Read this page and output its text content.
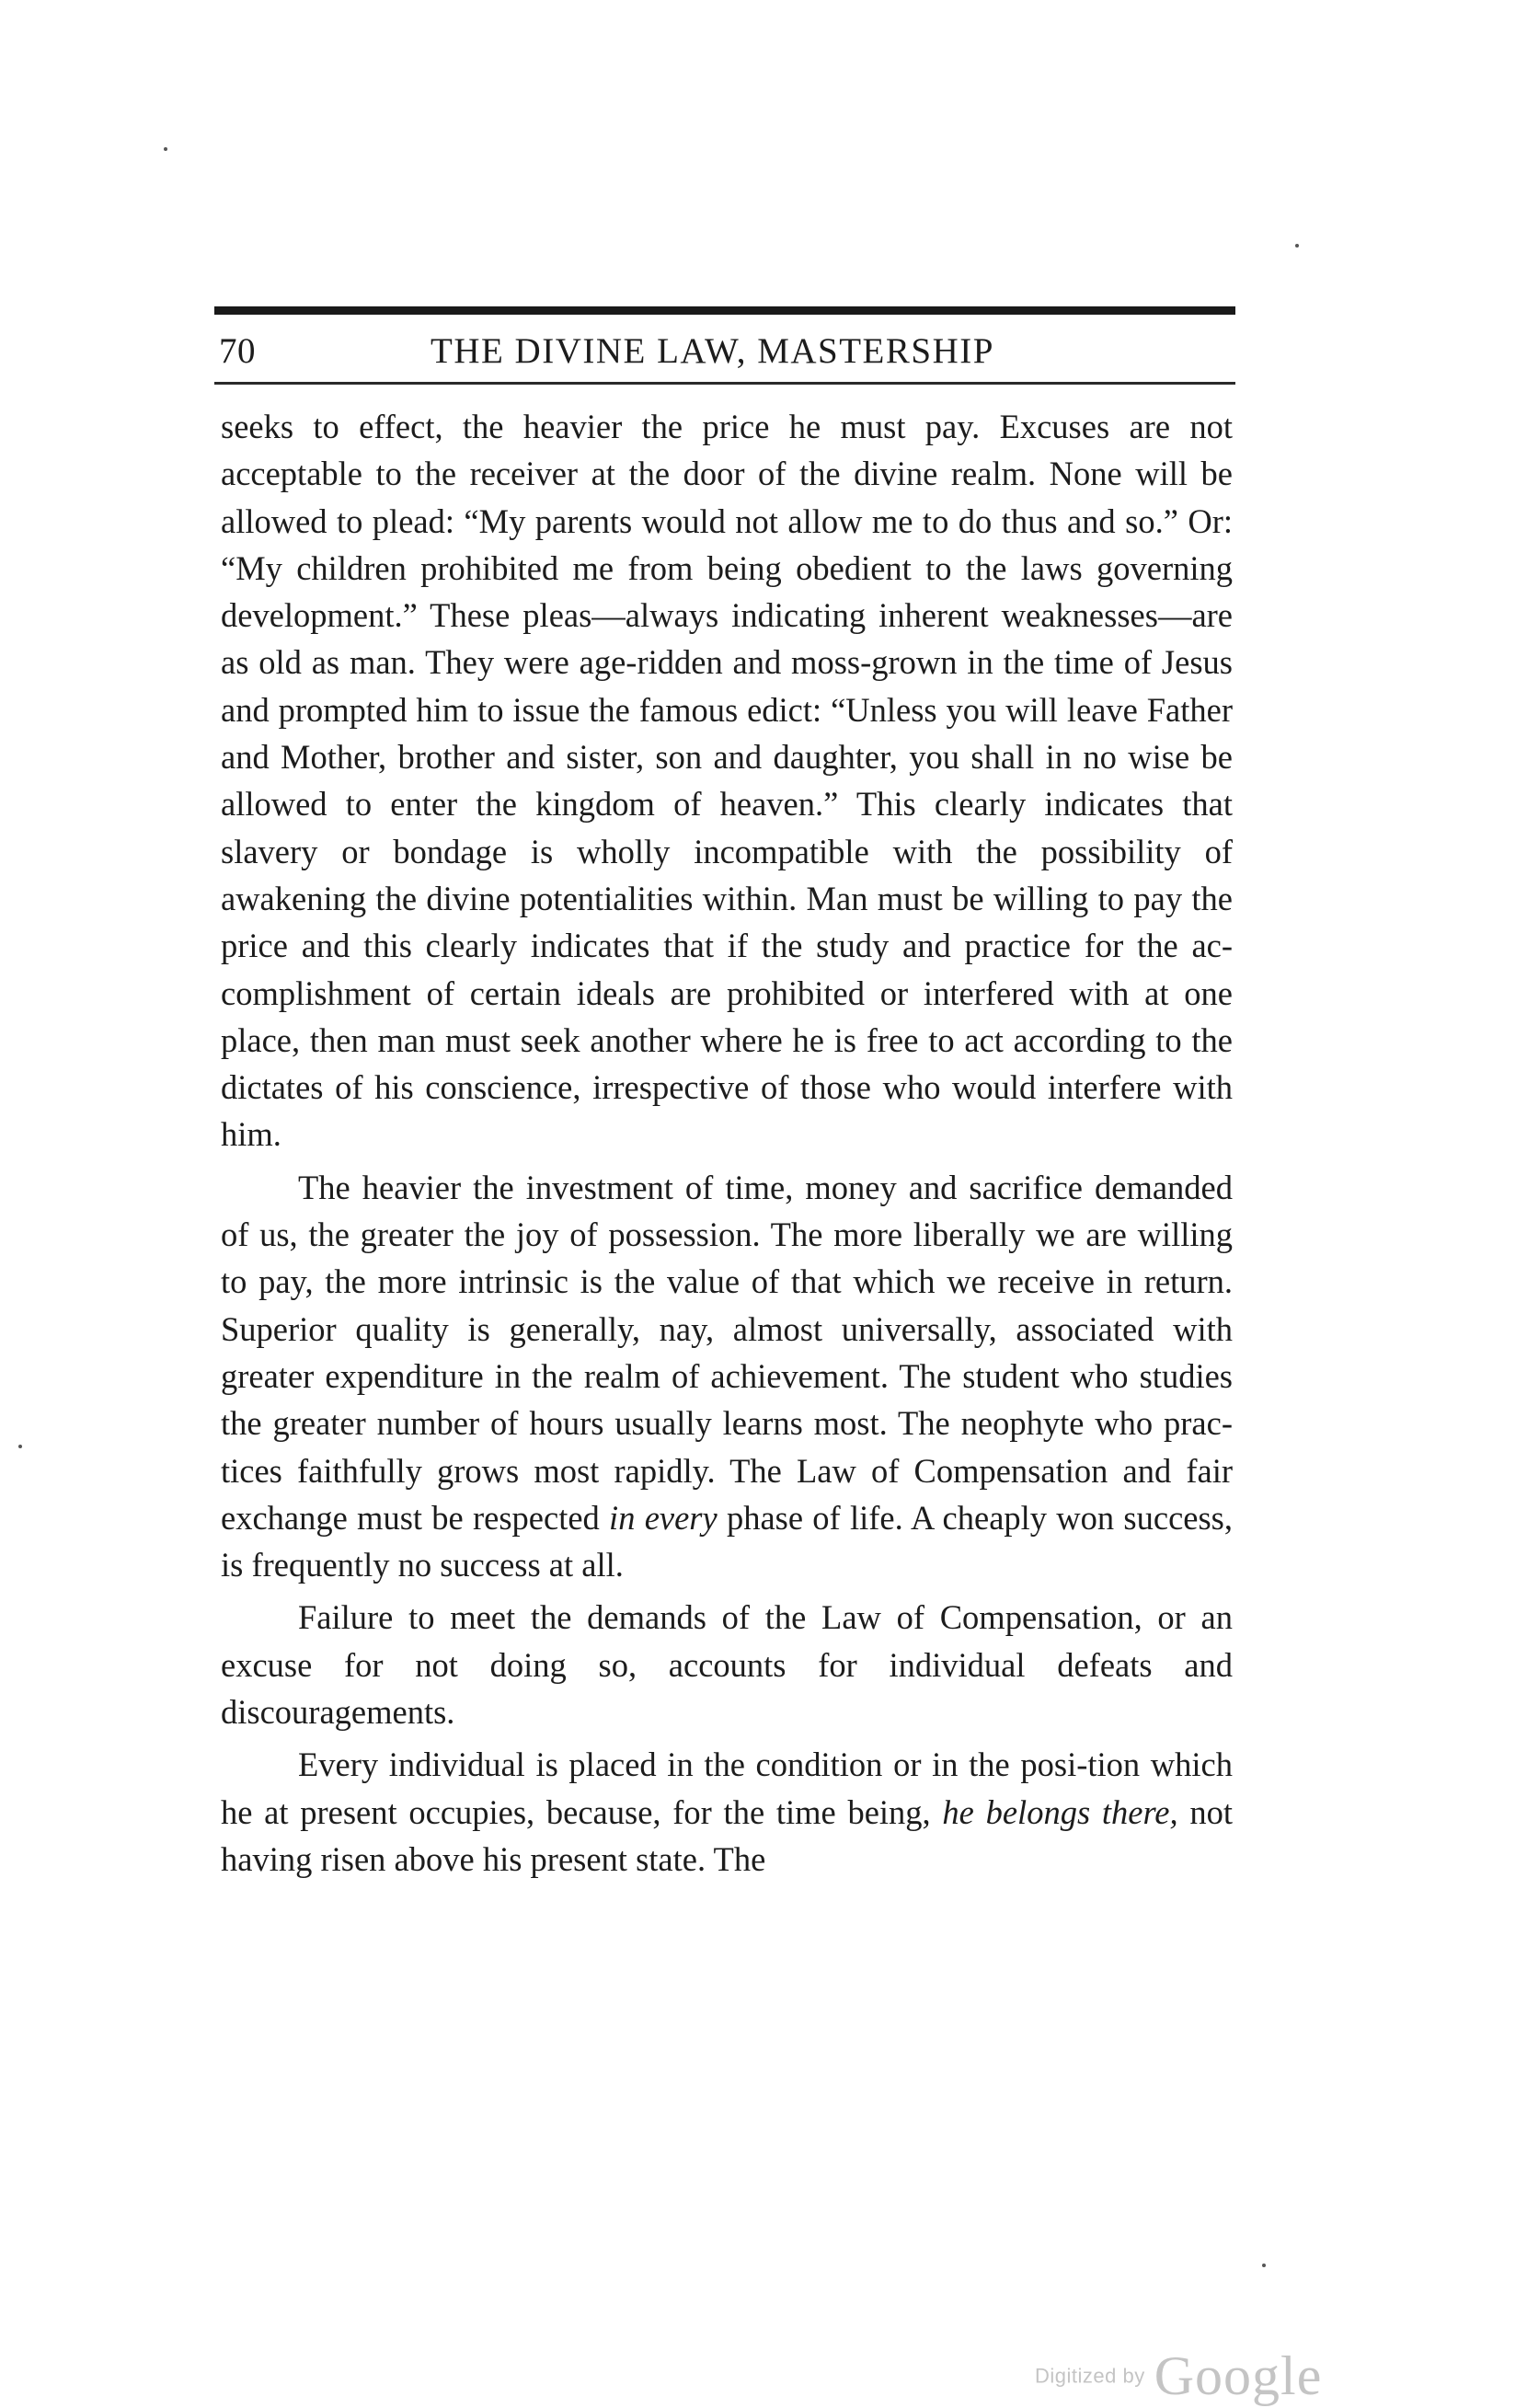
70	THE DIVINE LAW, MASTERSHIP

seeks to effect, the heavier the price he must pay. Excuses are not acceptable to the receiver at the door of the divine realm. None will be allowed to plead: “My parents would not allow me to do thus and so.” Or: “My children prohibited me from being obedient to the laws governing development.” These pleas—always indicating inherent weaknesses—are as old as man. They were age-ridden and moss-grown in the time of Jesus and prompted him to issue the famous edict: “Unless you will leave Father and Mother, brother and sister, son and daughter, you shall in no wise be allowed to enter the kingdom of heaven.” This clearly indicates that slavery or bondage is wholly incompatible with the possibility of awakening the divine potentialities within. Man must be willing to pay the price and this clearly indicates that if the study and practice for the ac-complishment of certain ideals are prohibited or interfered with at one place, then man must seek another where he is free to act according to the dictates of his conscience, irrespective of those who would interfere with him.

The heavier the investment of time, money and sacrifice demanded of us, the greater the joy of possession. The more liberally we are willing to pay, the more intrinsic is the value of that which we receive in return. Superior quality is generally, nay, almost universally, associated with greater expenditure in the realm of achievement. The student who studies the greater number of hours usually learns most. The neophyte who prac-tices faithfully grows most rapidly. The Law of Compensation and fair exchange must be respected in every phase of life. A cheaply won success, is frequently no success at all.

Failure to meet the demands of the Law of Compensation, or an excuse for not doing so, accounts for individual defeats and discouragements.

Every individual is placed in the condition or in the posi-tion which he at present occupies, because, for the time being, he belongs there, not having risen above his present state. The

Digitized by Google
